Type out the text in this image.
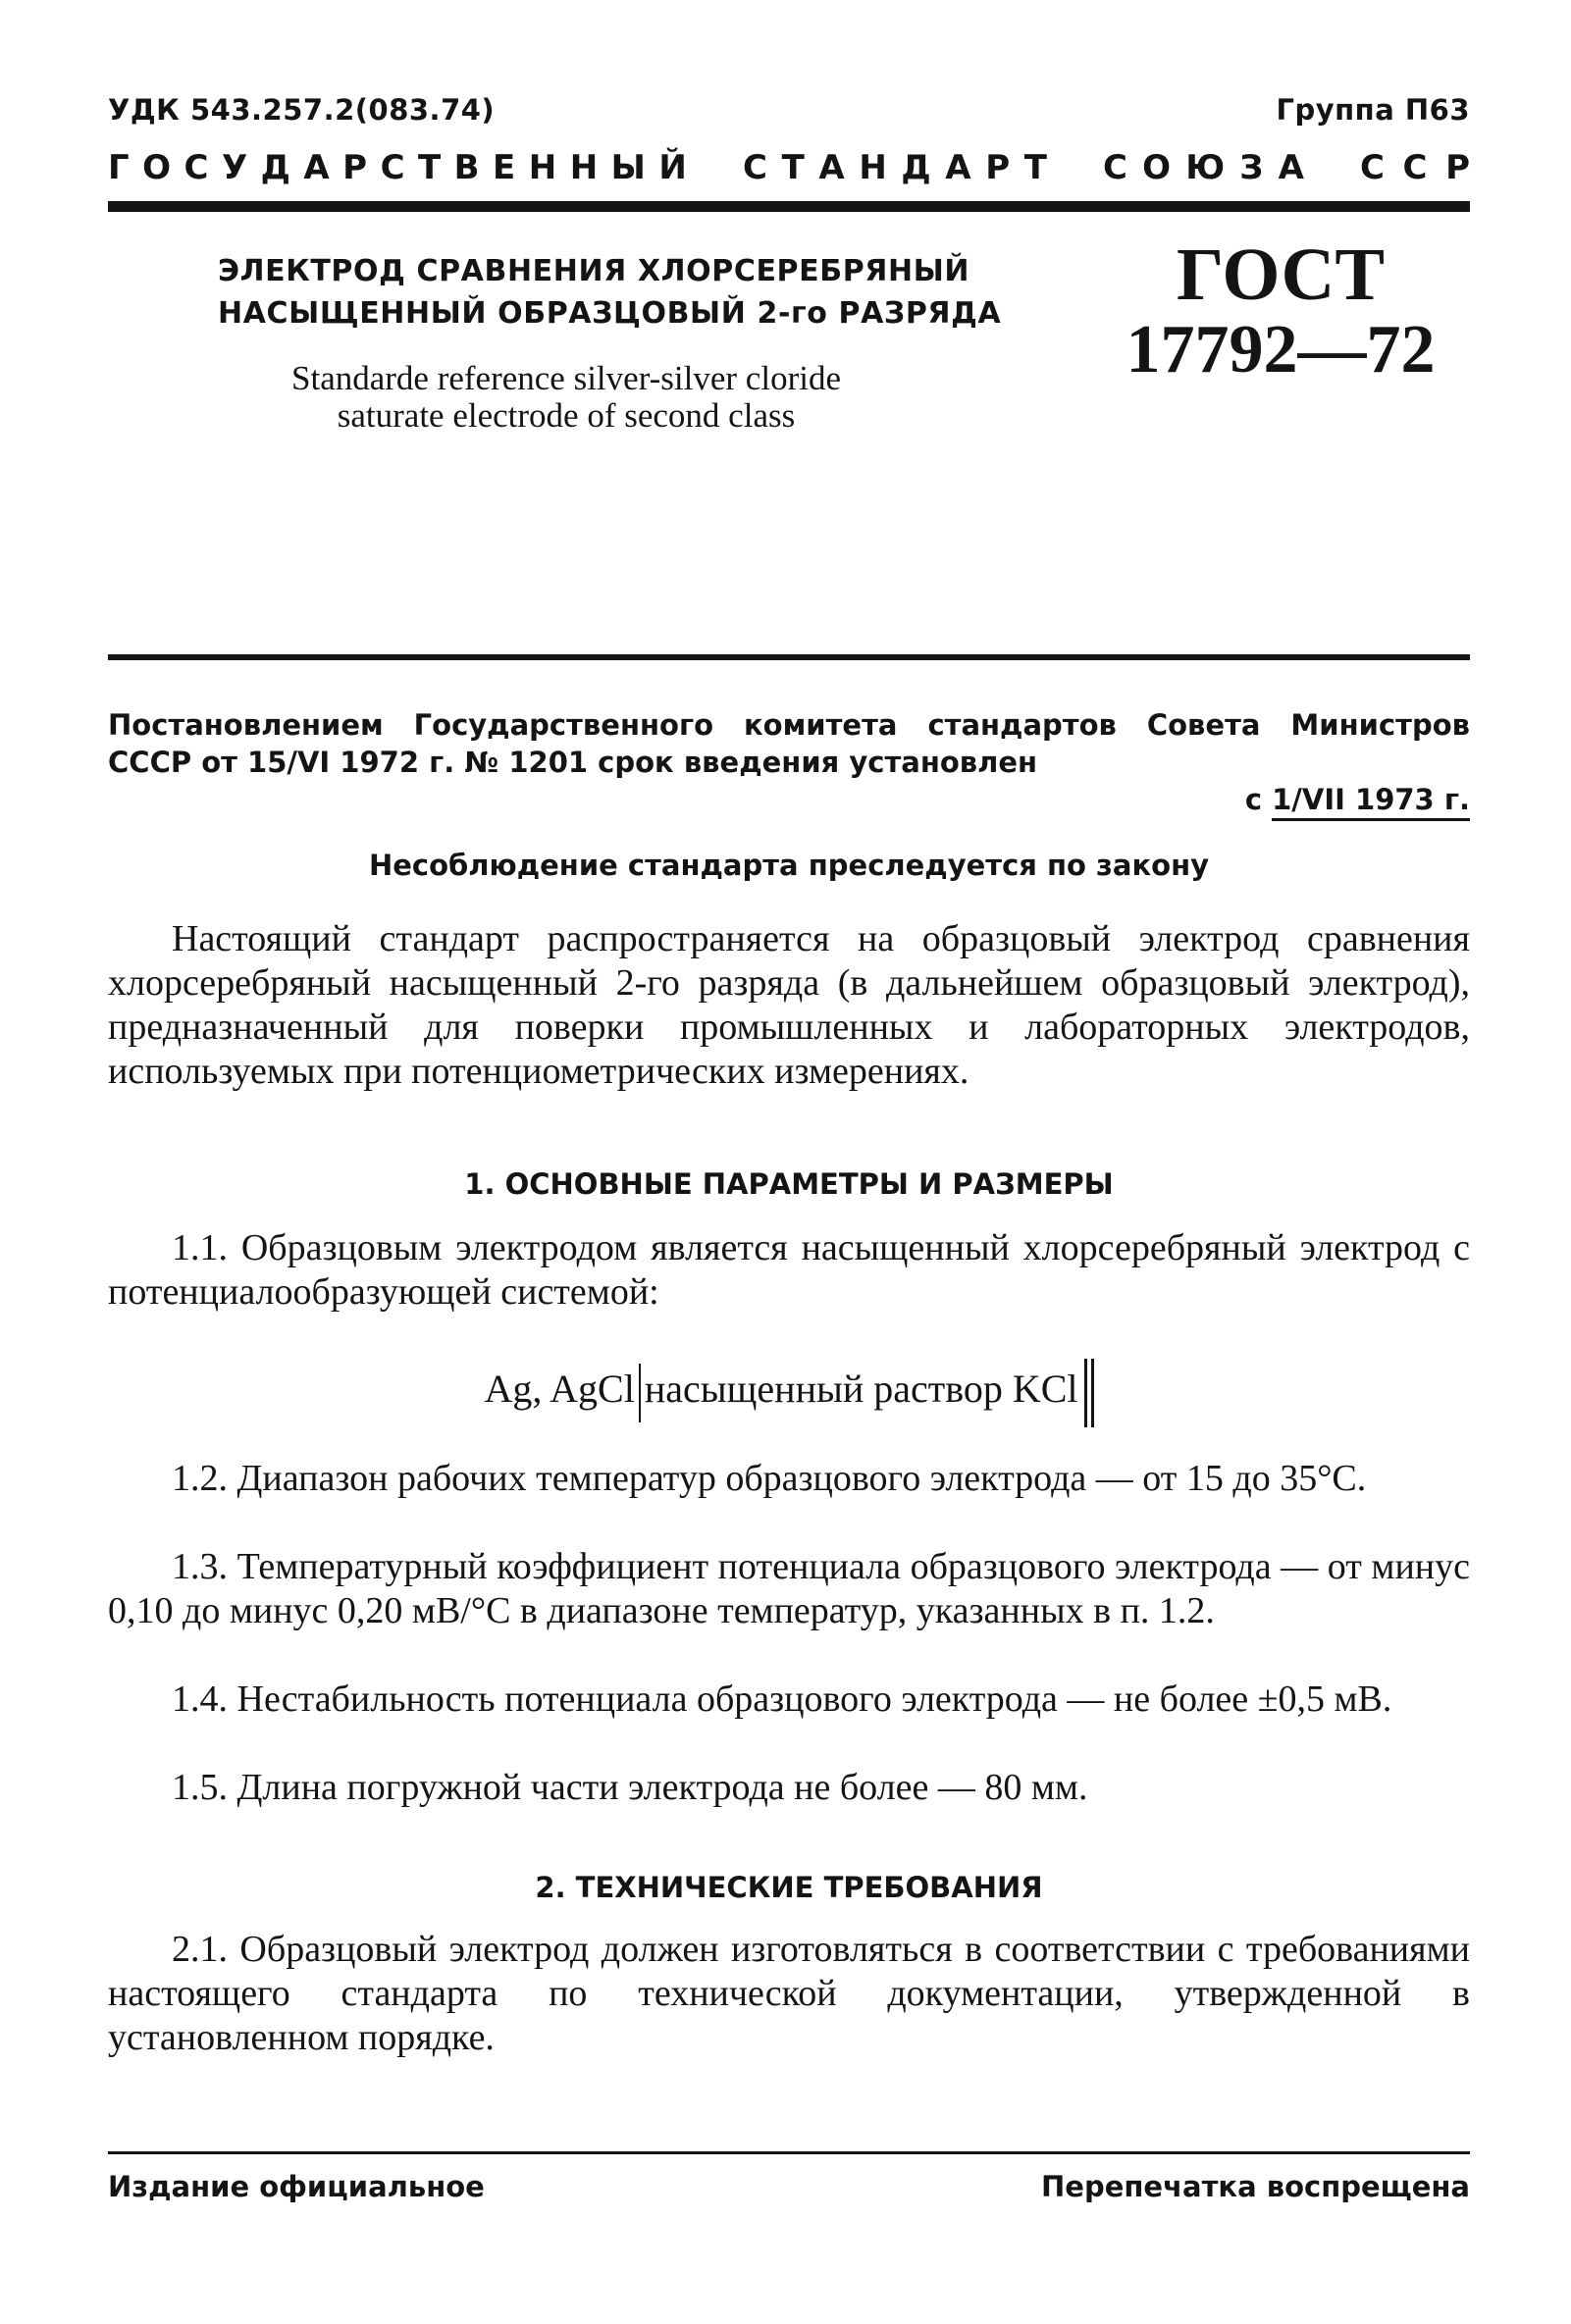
УДК 543.257.2(083.74)	Группа П63
Г О С У Д А Р С Т В Е Н Н Ы Й С Т А Н Д А Р Т С О Ю З А С С Р
ЭЛЕКТРОД СРАВНЕНИЯ ХЛОРСЕРЕБРЯНЫЙ
НАСЫЩЕННЫЙ ОБРАЗЦОВЫЙ 2-го РАЗРЯДА
Standarde reference silver-silver cloride
saturate electrode of second class
ГОСТ
17792—72
Постановлением Государственного комитета стандартов Совета Министров
СССР от 15/VI 1972 г. № 1201 срок введения установлен
с 1/VII 1973 г.
Несоблюдение стандарта преследуется по закону
Настоящий стандарт распространяется на образцовый электрод сравнения хлорсеребряный насыщенный 2-го разряда (в дальнейшем образцовый электрод), предназначенный для поверки промышленных и лабораторных электродов, используемых при потенциометрических измерениях.
1. ОСНОВНЫЕ ПАРАМЕТРЫ И РАЗМЕРЫ
1.1. Образцовым электродом является насыщенный хлорсеребряный электрод с потенциалообразующей системой:
Ag, AgCl насыщенный раствор KCl
1.2. Диапазон рабочих температур образцового электрода — от 15 до 35°С.
1.3. Температурный коэффициент потенциала образцового электрода — от минус 0,10 до минус 0,20 мВ/°С в диапазоне температур, указанных в п. 1.2.
1.4. Нестабильность потенциала образцового электрода — не более ±0,5 мВ.
1.5. Длина погружной части электрода не более — 80 мм.
2. ТЕХНИЧЕСКИЕ ТРЕБОВАНИЯ
2.1. Образцовый электрод должен изготовляться в соответствии с требованиями настоящего стандарта по технической документации, утвержденной в установленном порядке.
Издание официальное	Перепечатка воспрещена
